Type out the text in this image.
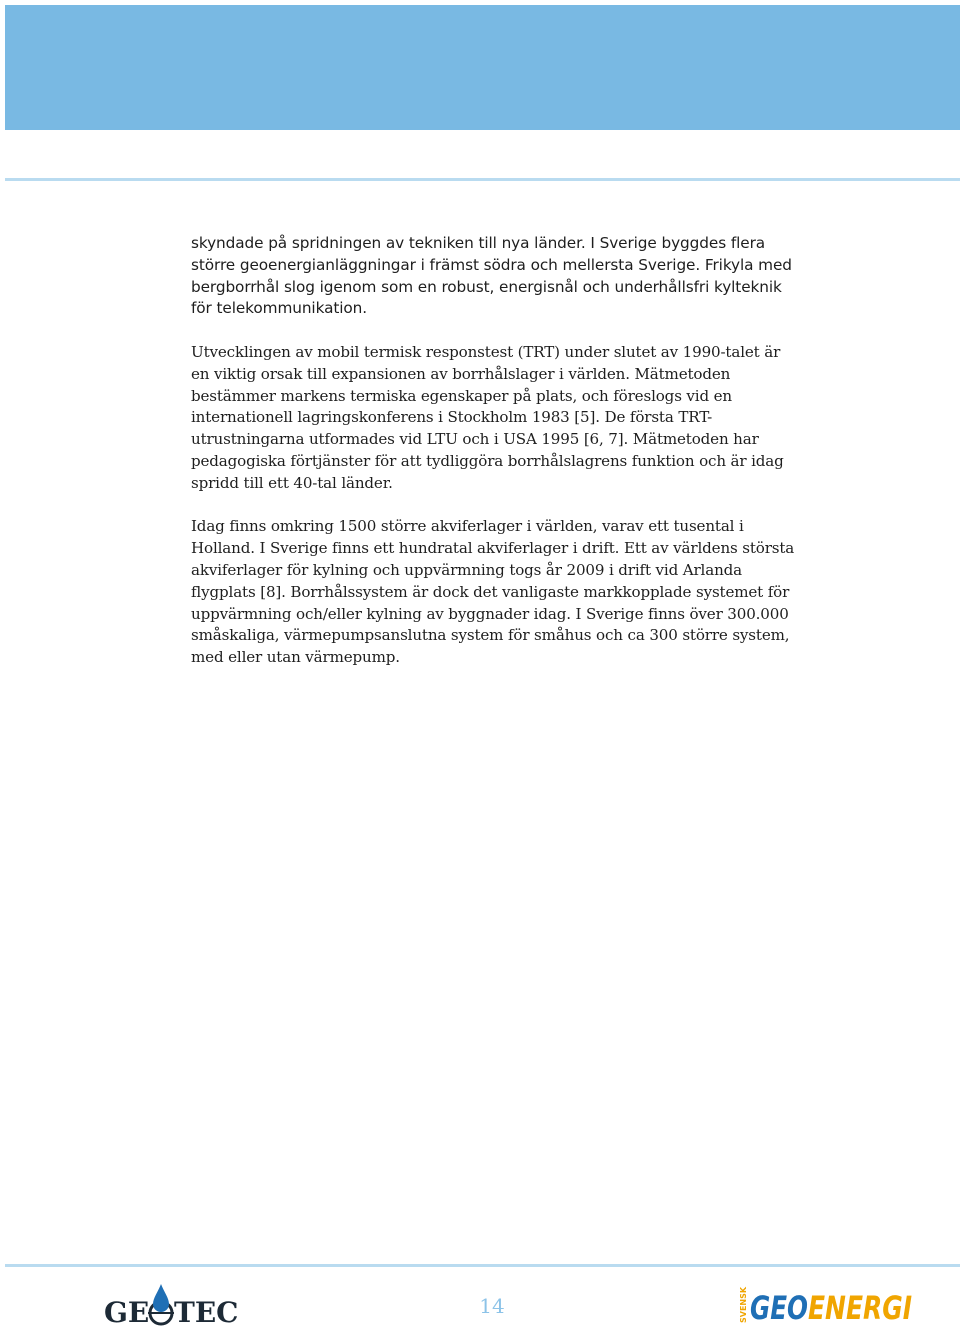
skyndade på spridningen av tekniken till nya länder. I Sverige byggdes flera större geoenergianläggningar i främst södra och mellersta Sverige. Frikyla med bergborrhål slog igenom som en robust, energisnål och underhållsfri kylteknik för telekommunikation.

Utvecklingen av mobil termisk responstest (TRT) under slutet av 1990-talet är en viktig orsak till expansionen av borrhålslager i världen. Mätmetoden bestämmer markens termiska egenskaper på plats, och föreslogs vid en internationell lagringskonferens i Stockholm 1983 [5]. De första TRT-utrustningarna utformades vid LTU och i USA 1995 [6, 7]. Mätmetoden har pedagogiska förtjänster för att tydliggöra borrhålslagrens funktion och är idag spridd till ett 40-tal länder.

Idag finns omkring 1500 större akviferlager i världen, varav ett tusental i Holland. I Sverige finns ett hundratal akviferlager i drift. Ett av världens största akviferlager för kylning och uppvärmning togs år 2009 i drift vid Arlanda flygplats [8]. Borrhålssystem är dock det vanligaste markkopplade systemet för uppvärmning och/eller kylning av byggnader idag. I Sverige finns över 300.000 småskaliga, värmepumpsanslutna system för småhus och ca 300 större system, med eller utan värmepump.

GE TEC	14	SVENSK GEO ENERGI
